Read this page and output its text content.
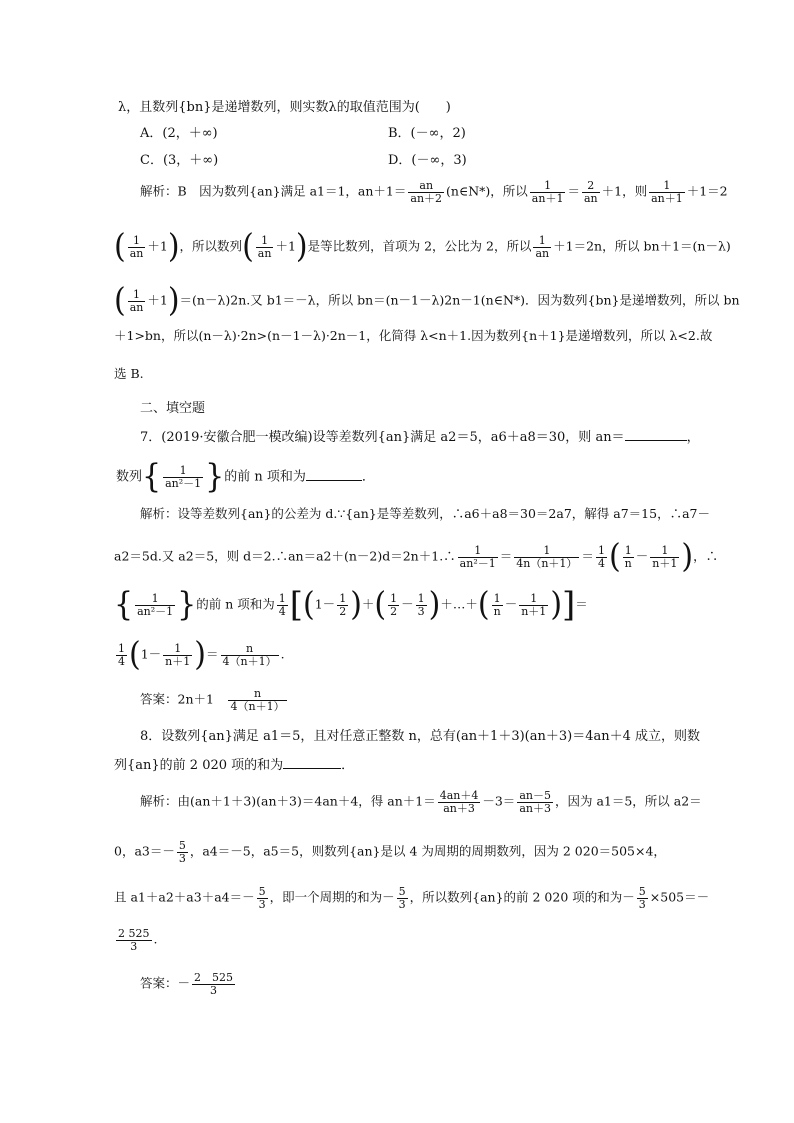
λ，且数列{bn}是递增数列，则实数λ的取值范围为(　　)
A．(2，＋∞)	B．(－∞，2)
C．(3，＋∞)	D．(－∞，3)
解析：B　因为数列{an}满足 a1＝1，$an+1= \frac{an}{an+2}$ (n∈N*)，所以 $\frac{1}{an+1} = \frac{2}{an} +1$，则 $\frac{1}{an+1} +1=2$
( $\frac{1}{an} +1$)，所以数列( $\frac{1}{an} +1$)是等比数列，首项为 2，公比为 2，所以 $\frac{1}{an} +1=2n$，所以 bn＋1＝(n－λ)
( $\frac{1}{an} +1)=(n-\lambda)2n$.又 b1＝－λ，所以 bn＝(n－1－λ)2n－1(n∈N*)．因为数列{bn}是递增数列，所以 bn
＋1>bn，所以(n－λ)·2n>(n－1－λ)·2n－1，化简得 λ<n＋1.因为数列{n＋1}是递增数列，所以 λ<2.故
选 B.
二、填空题
7．(2019·安徽合肥一模改编)设等差数列{an}满足 a2＝5，a6＋a8＝30，则 an＝	，
数列{ $\frac{1}{\text{an²－1}}$ }的前 n 项和为	．
解析：设等差数列{an}的公差为 d.∵{an}是等差数列，∴a6＋a8＝30＝2a7，解得 a7＝15，∴a7－
a2＝5d.又 a2＝5，则 d＝2.∴an＝a2＋(n－2)d＝2n＋1.∴ $\frac{1}{\text{an²－1}} = \frac{1}{4n(n+1)} = \frac{1}{4}$ ( $\frac{1}{n} - \frac{1}{n+1}$ )，∴
{ $\frac{1}{\text{an²－1}}$ }的前 n 项和为 $\frac{1}{4} [(1- \frac{1}{2}$ )＋( $\frac{1}{2} - \frac{1}{3}$ )＋…＋( $\frac{1}{n} - \frac{1}{n+1}$ )]＝
$\frac{1}{4} (1- \frac{1}{n+1}$ )＝ $\frac{n}{4(n+1)}$ .
答案：2n＋1　 $\frac{n}{4(n+1)}$
8．设数列{an}满足 a1＝5，且对任意正整数 n，总有(an＋1＋3)(an＋3)＝4an＋4 成立，则数
列{an}的前 2 020 项的和为	．
解析：由(an＋1＋3)(an＋3)＝4an＋4，得 $an+1= \frac{4an+4}{an+3} -3= \frac{an-5}{an+3}$ ，因为 a1＝5，所以 a2＝
0，$a3=- \frac{5}{3}$ ，a4＝－5，a5＝5，则数列{an}是以 4 为周期的周期数列，因为 2 020＝505×4，
且 $a1+a2+a3+a4=- \frac{5}{3}$ ，即一个周期的和为－ $\frac{5}{3}$ ，所以数列{an}的前 2 020 项的和为－ $\frac{5}{3} \times 505=-$
$\frac{2 525}{3}$ .
答案：－ $\frac{2 525}{3}$
